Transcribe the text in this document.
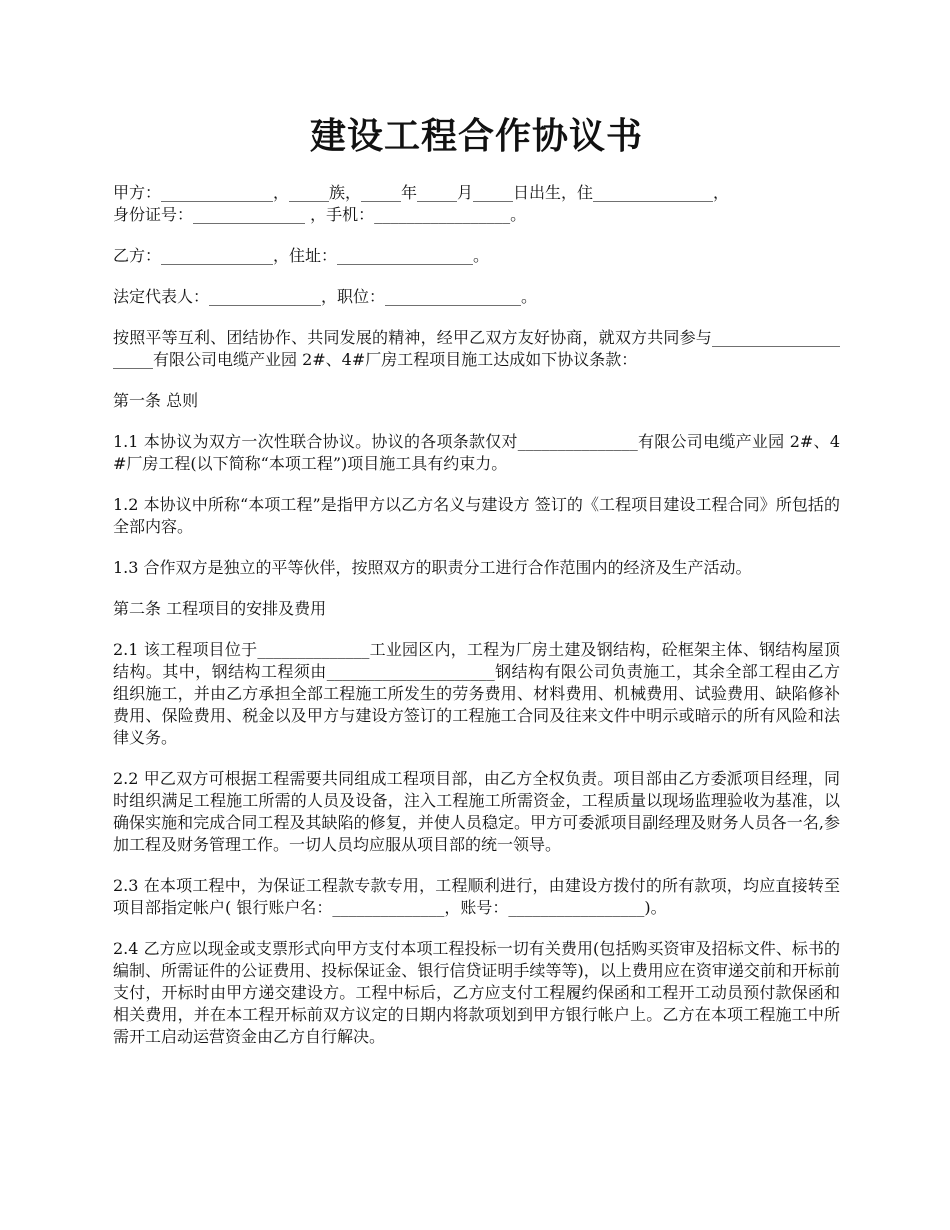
建设工程合作协议书

甲方：______________，_____族，_____年_____月_____日出生，住_______________，

身份证号：______________ ，手机：_________________。

乙方：______________，住址：_________________。

法定代表人：______________，职位：_________________。

按照平等互利、团结协作、共同发展的精神，经甲乙双方友好协商，就双方共同参与_____________________有限公司电缆产业园 2#、4#厂房工程项目施工达成如下协议条款：

第一条 总则

1.1 本协议为双方一次性联合协议。协议的各项条款仅对_______________有限公司电缆产业园 2#、4#厂房工程(以下简称“本项工程”)项目施工具有约束力。

1.2 本协议中所称“本项工程”是指甲方以乙方名义与建设方 签订的《工程项目建设工程合同》所包括的全部内容。

1.3 合作双方是独立的平等伙伴，按照双方的职责分工进行合作范围内的经济及生产活动。

第二条 工程项目的安排及费用

2.1 该工程项目位于______________工业园区内，工程为厂房土建及钢结构，砼框架主体、钢结构屋顶结构。其中，钢结构工程须由_____________________钢结构有限公司负责施工，其余全部工程由乙方组织施工，并由乙方承担全部工程施工所发生的劳务费用、材料费用、机械费用、试验费用、缺陷修补费用、保险费用、税金以及甲方与建设方签订的工程施工合同及往来文件中明示或暗示的所有风险和法律义务。

2.2 甲乙双方可根据工程需要共同组成工程项目部，由乙方全权负责。项目部由乙方委派项目经理，同时组织满足工程施工所需的人员及设备，注入工程施工所需资金，工程质量以现场监理验收为基准，以确保实施和完成合同工程及其缺陷的修复，并使人员稳定。甲方可委派项目副经理及财务人员各一名,参加工程及财务管理工作。一切人员均应服从项目部的统一领导。

2.3 在本项工程中，为保证工程款专款专用，工程顺利进行，由建设方拨付的所有款项，均应直接转至项目部指定帐户( 银行账户名：______________，账号：_________________)。

2.4 乙方应以现金或支票形式向甲方支付本项工程投标一切有关费用(包括购买资审及招标文件、标书的编制、所需证件的公证费用、投标保证金、银行信贷证明手续等等)，以上费用应在资审递交前和开标前支付，开标时由甲方递交建设方。工程中标后，乙方应支付工程履约保函和工程开工动员预付款保函和相关费用，并在本工程开标前双方议定的日期内将款项划到甲方银行帐户上。乙方在本项工程施工中所需开工启动运营资金由乙方自行解决。
